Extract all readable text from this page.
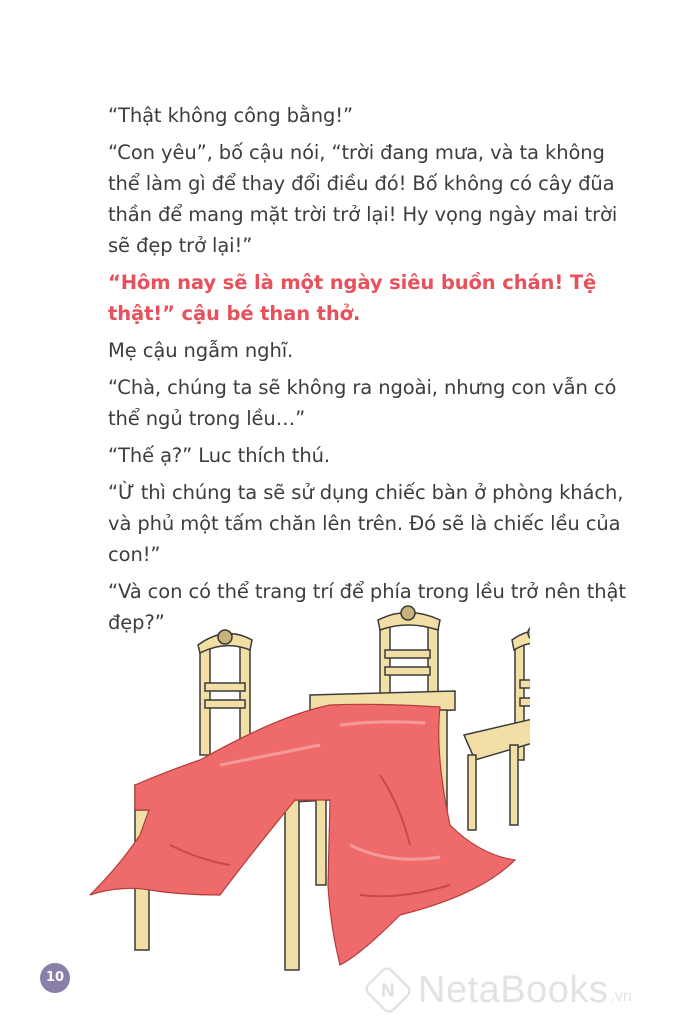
“Thật không công bằng!”

“Con yêu”, bố cậu nói, “trời đang mưa, và ta không thể làm gì để thay đổi điều đó! Bố không có cây đũa thần để mang mặt trời trở lại! Hy vọng ngày mai trời sẽ đẹp trở lại!”

“Hôm nay sẽ là một ngày siêu buồn chán! Tệ thật!” cậu bé than thở.

Mẹ cậu ngẫm nghĩ.

“Chà, chúng ta sẽ không ra ngoài, nhưng con vẫn có thể ngủ trong lều…”

“Thế ạ?” Luc thích thú.

“Ừ thì chúng ta sẽ sử dụng chiếc bàn ở phòng khách, và phủ một tấm chăn lên trên. Đó sẽ là chiếc lều của con!”

“Và con có thể trang trí để phía trong lều trở nên thật đẹp?”

10
N NetaBooks .vn
